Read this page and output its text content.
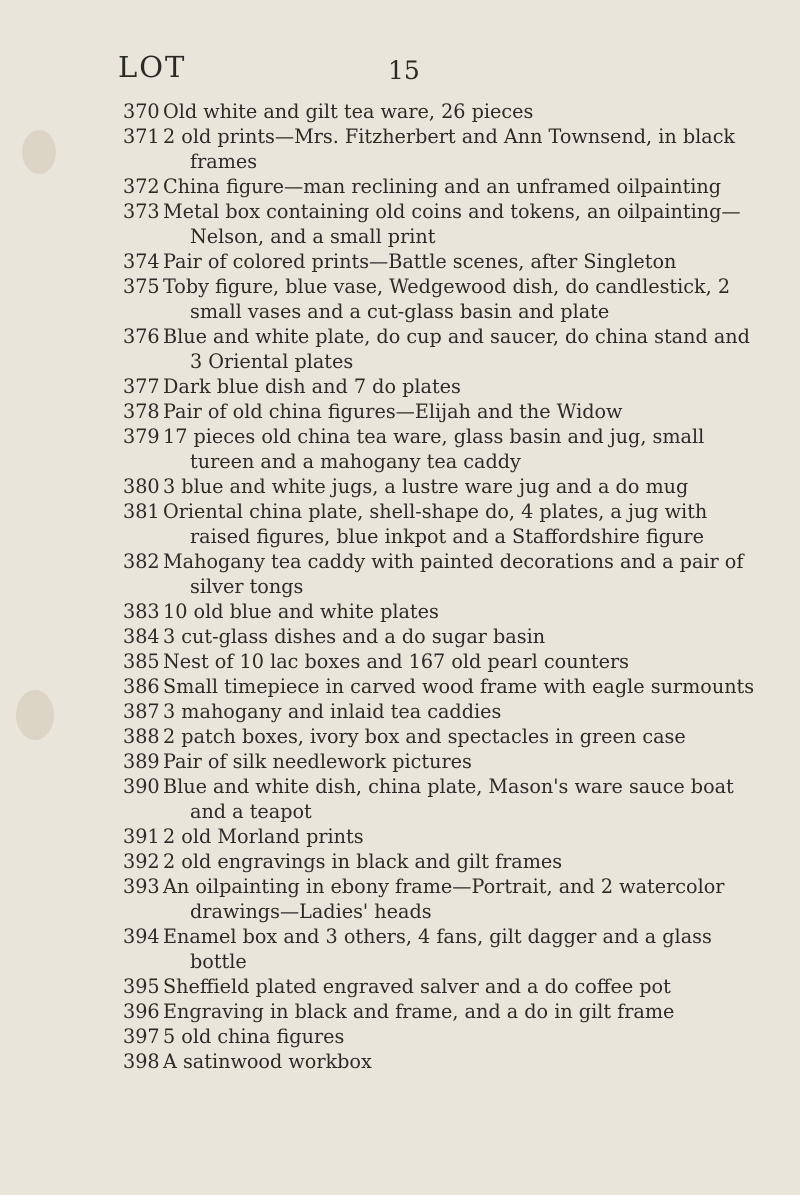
LOT	15
370 Old white and gilt tea ware, 26 pieces
371 2 old prints—Mrs. Fitzherbert and Ann Townsend, in black frames
372 China figure—man reclining and an unframed oilpainting
373 Metal box containing old coins and tokens, an oilpainting—Nelson, and a small print
374 Pair of colored prints—Battle scenes, after Singleton
375 Toby figure, blue vase, Wedgewood dish, do candlestick, 2 small vases and a cut-glass basin and plate
376 Blue and white plate, do cup and saucer, do china stand and 3 Oriental plates
377 Dark blue dish and 7 do plates
378 Pair of old china figures—Elijah and the Widow
379 17 pieces old china tea ware, glass basin and jug, small tureen and a mahogany tea caddy
380 3 blue and white jugs, a lustre ware jug and a do mug
381 Oriental china plate, shell-shape do, 4 plates, a jug with raised figures, blue inkpot and a Staffordshire figure
382 Mahogany tea caddy with painted decorations and a pair of silver tongs
383 10 old blue and white plates
384 3 cut-glass dishes and a do sugar basin
385 Nest of 10 lac boxes and 167 old pearl counters
386 Small timepiece in carved wood frame with eagle surmounts
387 3 mahogany and inlaid tea caddies
388 2 patch boxes, ivory box and spectacles in green case
389 Pair of silk needlework pictures
390 Blue and white dish, china plate, Mason's ware sauce boat and a teapot
391 2 old Morland prints
392 2 old engravings in black and gilt frames
393 An oilpainting in ebony frame—Portrait, and 2 watercolor drawings—Ladies' heads
394 Enamel box and 3 others, 4 fans, gilt dagger and a glass bottle
395 Sheffield plated engraved salver and a do coffee pot
396 Engraving in black and frame, and a do in gilt frame
397 5 old china figures
398 A satinwood workbox
